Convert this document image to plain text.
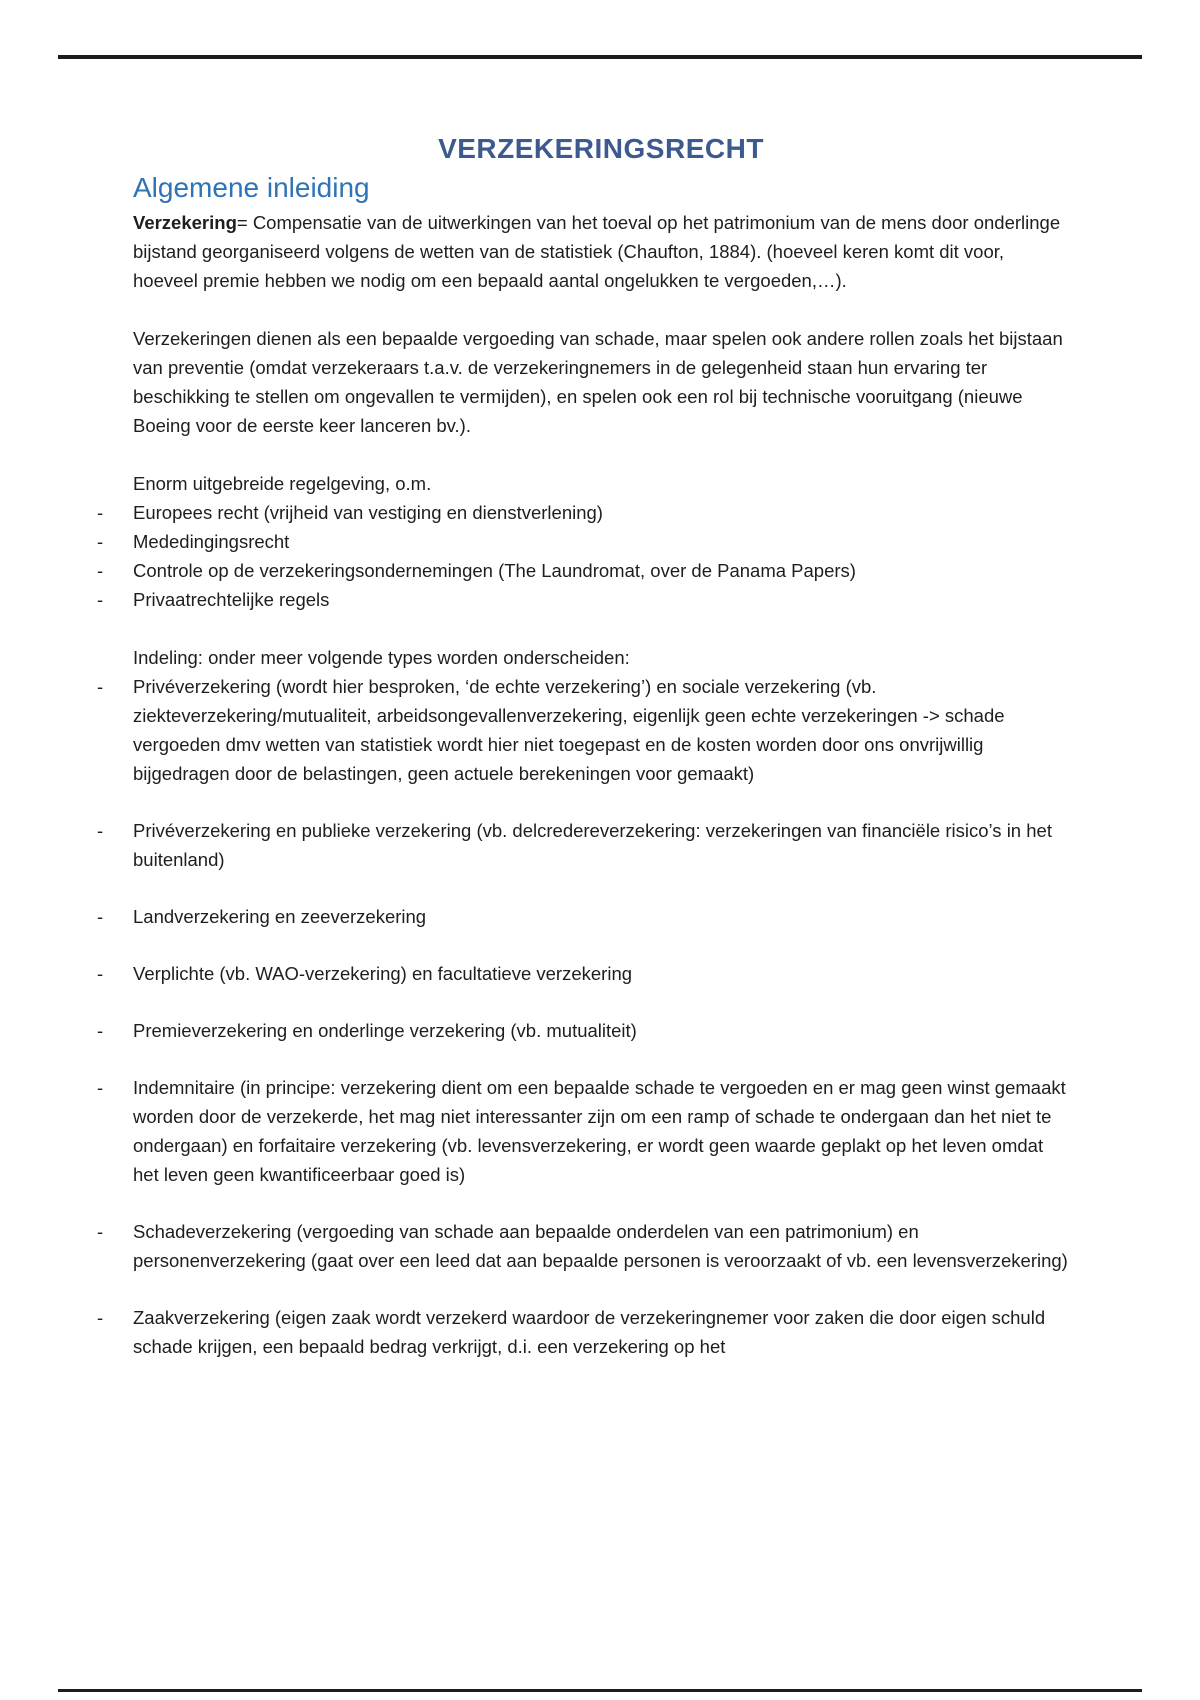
VERZEKERINGSRECHT
Algemene inleiding

Verzekering= Compensatie van de uitwerkingen van het toeval op het patrimonium van de mens door onderlinge bijstand georganiseerd volgens de wetten van de statistiek (Chaufton, 1884). (hoeveel keren komt dit voor, hoeveel premie hebben we nodig om een bepaald aantal ongelukken te vergoeden,…).

Verzekeringen dienen als een bepaalde vergoeding van schade, maar spelen ook andere rollen zoals het bijstaan van preventie (omdat verzekeraars t.a.v. de verzekeringnemers in de gelegenheid staan hun ervaring ter beschikking te stellen om ongevallen te vermijden), en spelen ook een rol bij technische vooruitgang (nieuwe Boeing voor de eerste keer lanceren bv.).

Enorm uitgebreide regelgeving, o.m.

- Europees recht (vrijheid van vestiging en dienstverlening)
- Mededingingsrecht
- Controle op de verzekeringsondernemingen (The Laundromat, over de Panama Papers)
- Privaatrechtelijke regels

Indeling: onder meer volgende types worden onderscheiden:

- Privéverzekering (wordt hier besproken, ‘de echte verzekering’) en sociale verzekering (vb. ziekteverzekering/mutualiteit, arbeidsongevallenverzekering, eigenlijk geen echte verzekeringen -> schade vergoeden dmv wetten van statistiek wordt hier niet toegepast en de kosten worden door ons onvrijwillig bijgedragen door de belastingen, geen actuele berekeningen voor gemaakt)
- Privéverzekering en publieke verzekering (vb. delcredereverzekering: verzekeringen van financiële risico’s in het buitenland)
- Landverzekering en zeeverzekering
- Verplichte (vb. WAO-verzekering) en facultatieve verzekering
- Premieverzekering en onderlinge verzekering (vb. mutualiteit)
- Indemnitaire (in principe: verzekering dient om een bepaalde schade te vergoeden en er mag geen winst gemaakt worden door de verzekerde, het mag niet interessanter zijn om een ramp of schade te ondergaan dan het niet te ondergaan) en forfaitaire verzekering (vb. levensverzekering, er wordt geen waarde geplakt op het leven omdat het leven geen kwantificeerbaar goed is)
- Schadeverzekering (vergoeding van schade aan bepaalde onderdelen van een patrimonium) en personenverzekering (gaat over een leed dat aan bepaalde personen is veroorzaakt of vb. een levensverzekering)
- Zaakverzekering (eigen zaak wordt verzekerd waardoor de verzekeringnemer voor zaken die door eigen schuld schade krijgen, een bepaald bedrag verkrijgt, d.i. een verzekering op het
